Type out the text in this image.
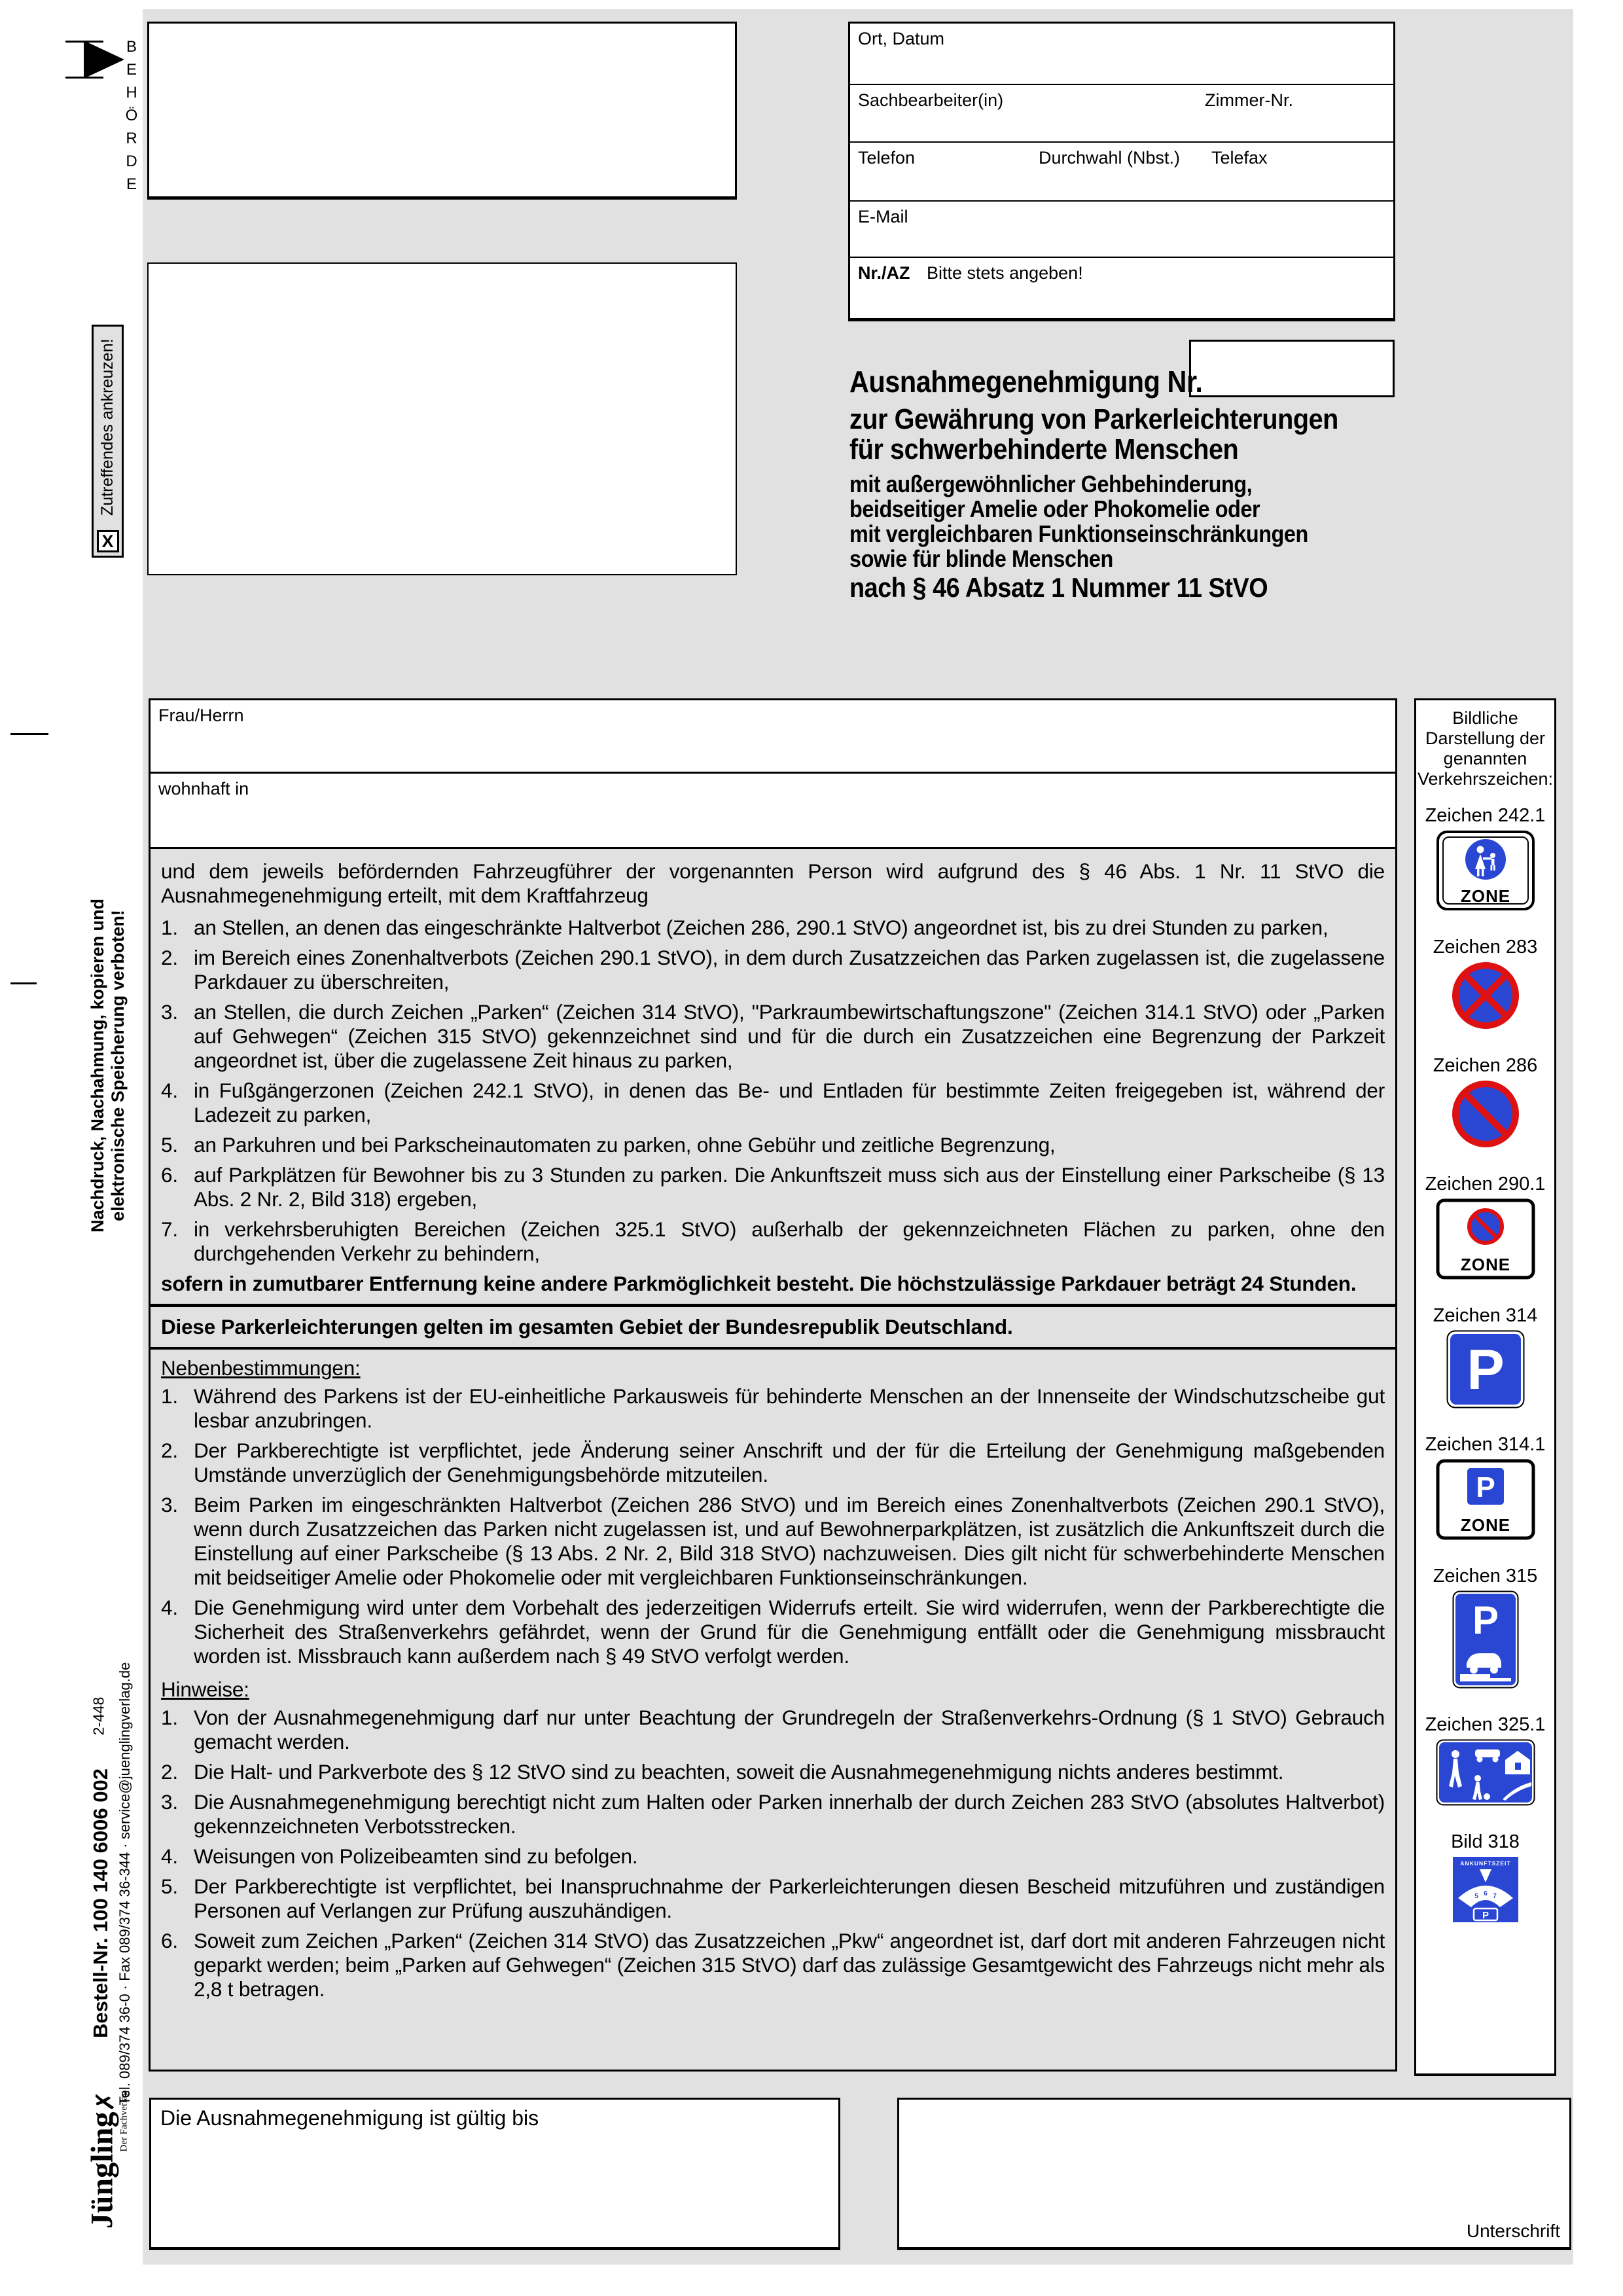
BEHÖRDE
Nachdruck, Nachahmung, kopieren und elektronische Speicherung verboten!
2-448
Bestell-Nr. 100 140 6006 002 Tel. 089/374 36-0 · Fax 089/374 36-344 · service@juenglingverlag.de
Jüngling✗ Der Fachverlag
Zutreffendes ankreuzen!
X
Ort, Datum
Sachbearbeiter(in)	Zimmer-Nr.
Telefon	Durchwahl (Nbst.) Telefax
E-Mail
Nr./AZ Bitte stets angeben!
Ausnahmegenehmigung Nr.
zur Gewährung von Parkerleichterungen
für schwerbehinderte Menschen
mit außergewöhnlicher Gehbehinderung,
beidseitiger Amelie oder Phokomelie oder
mit vergleichbaren Funktionseinschränkungen
sowie für blinde Menschen
nach § 46 Absatz 1 Nummer 11 StVO
Frau/Herrn
wohnhaft in
und dem jeweils befördernden Fahrzeugführer der vorgenannten Person wird aufgrund des § 46 Abs. 1 Nr. 11 StVO die Ausnahmegenehmigung erteilt, mit dem Kraftfahrzeug
1. an Stellen, an denen das eingeschränkte Haltverbot (Zeichen 286, 290.1 StVO) angeordnet ist, bis zu drei Stunden zu parken,
2. im Bereich eines Zonenhaltverbots (Zeichen 290.1 StVO), in dem durch Zusatzzeichen das Parken zugelassen ist, die zugelassene Parkdauer zu überschreiten,
3. an Stellen, die durch Zeichen „Parken“ (Zeichen 314 StVO), "Parkraumbewirtschaftungszone" (Zeichen 314.1 StVO) oder „Parken auf Gehwegen“ (Zeichen 315 StVO) gekennzeichnet sind und für die durch ein Zusatzzeichen eine Begrenzung der Parkzeit angeordnet ist, über die zugelassene Zeit hinaus zu parken,
4. in Fußgängerzonen (Zeichen 242.1 StVO), in denen das Be- und Entladen für bestimmte Zeiten freigegeben ist, während der Ladezeit zu parken,
5. an Parkuhren und bei Parkscheinautomaten zu parken, ohne Gebühr und zeitliche Begrenzung,
6. auf Parkplätzen für Bewohner bis zu 3 Stunden zu parken. Die Ankunftszeit muss sich aus der Einstellung einer Parkscheibe (§ 13 Abs. 2 Nr. 2, Bild 318) ergeben,
7. in verkehrsberuhigten Bereichen (Zeichen 325.1 StVO) außerhalb der gekennzeichneten Flächen zu parken, ohne den durchgehenden Verkehr zu behindern,
sofern in zumutbarer Entfernung keine andere Parkmöglichkeit besteht. Die höchstzulässige Parkdauer beträgt 24 Stunden.
Diese Parkerleichterungen gelten im gesamten Gebiet der Bundesrepublik Deutschland.
Nebenbestimmungen:
1. Während des Parkens ist der EU-einheitliche Parkausweis für behinderte Menschen an der Innenseite der Windschutzscheibe gut lesbar anzubringen.
2. Der Parkberechtigte ist verpflichtet, jede Änderung seiner Anschrift und der für die Erteilung der Genehmigung maßgebenden Umstände unverzüglich der Genehmigungsbehörde mitzuteilen.
3. Beim Parken im eingeschränkten Haltverbot (Zeichen 286 StVO) und im Bereich eines Zonenhaltverbots (Zeichen 290.1 StVO), wenn durch Zusatzzeichen das Parken nicht zugelassen ist, und auf Bewohnerparkplätzen, ist zusätzlich die Ankunftszeit durch die Einstellung auf einer Parkscheibe (§ 13 Abs. 2 Nr. 2, Bild 318 StVO) nachzuweisen. Dies gilt nicht für schwerbehinderte Menschen mit beidseitiger Amelie oder Phokomelie oder mit vergleichbaren Funktionseinschränkungen.
4. Die Genehmigung wird unter dem Vorbehalt des jederzeitigen Widerrufs erteilt. Sie wird widerrufen, wenn der Parkberechtigte die Sicherheit des Straßenverkehrs gefährdet, wenn der Grund für die Genehmigung entfällt oder die Genehmigung missbraucht worden ist. Missbrauch kann außerdem nach § 49 StVO verfolgt werden.
Hinweise:
1. Von der Ausnahmegenehmigung darf nur unter Beachtung der Grundregeln der Straßenverkehrs-Ordnung (§ 1 StVO) Gebrauch gemacht werden.
2. Die Halt- und Parkverbote des § 12 StVO sind zu beachten, soweit die Ausnahmegenehmigung nichts anderes bestimmt.
3. Die Ausnahmegenehmigung berechtigt nicht zum Halten oder Parken innerhalb der durch Zeichen 283 StVO (absolutes Haltverbot) gekennzeichneten Verbotsstrecken.
4. Weisungen von Polizeibeamten sind zu befolgen.
5. Der Parkberechtigte ist verpflichtet, bei Inanspruchnahme der Parkerleichterungen diesen Bescheid mitzuführen und zuständigen Personen auf Verlangen zur Prüfung auszuhändigen.
6. Soweit zum Zeichen „Parken“ (Zeichen 314 StVO) das Zusatzzeichen „Pkw“ angeordnet ist, darf dort mit anderen Fahrzeugen nicht geparkt werden; beim „Parken auf Gehwegen“ (Zeichen 315 StVO) darf das zulässige Gesamtgewicht des Fahrzeugs nicht mehr als 2,8 t betragen.
Bildliche Darstellung der genannten Verkehrszeichen:
Zeichen 242.1
ZONE
Zeichen 283
Zeichen 286
Zeichen 290.1
ZONE
Zeichen 314
P
Zeichen 314.1
P
ZONE
Zeichen 315
P
Zeichen 325.1
Bild 318
ANKUNFTSZEIT
5 6 7
P
Die Ausnahmegenehmigung ist gültig bis
Unterschrift
